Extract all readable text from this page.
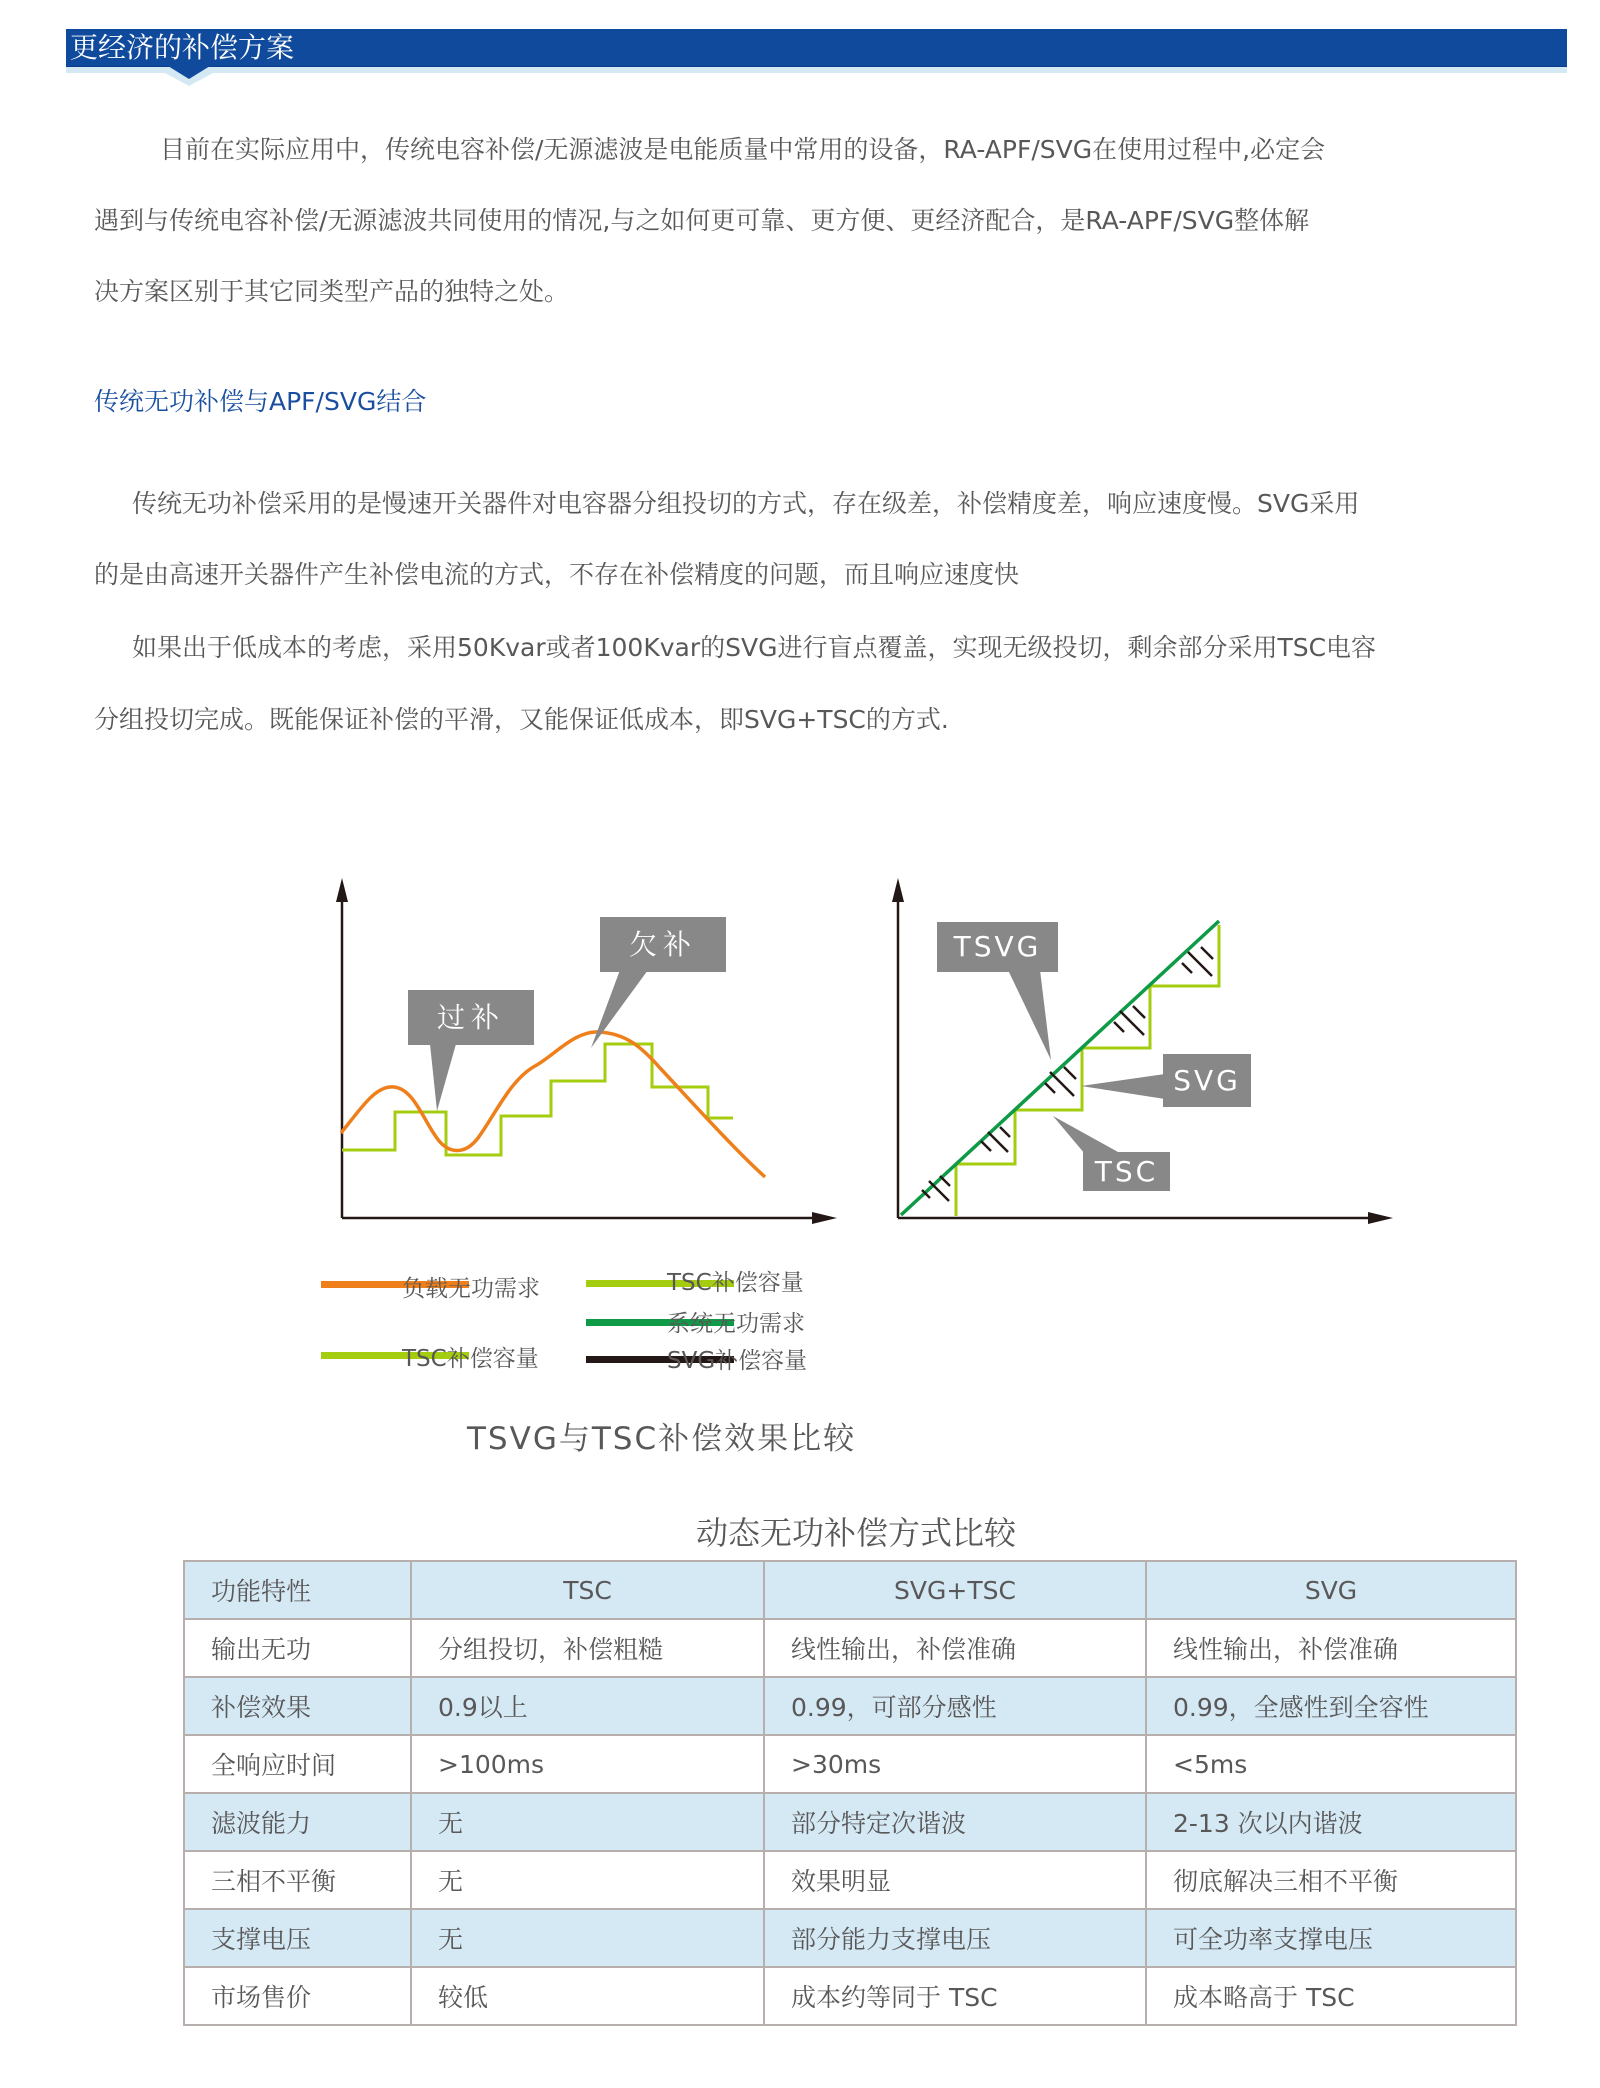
更经济的补偿方案
目前在实际应用中，传统电容补偿/无源滤波是电能质量中常用的设备，RA-APF/SVG在使用过程中,必定会
遇到与传统电容补偿/无源滤波共同使用的情况,与之如何更可靠、更方便、更经济配合，是RA-APF/SVG整体解
决方案区别于其它同类型产品的独特之处。
传统无功补偿与APF/SVG结合
传统无功补偿采用的是慢速开关器件对电容器分组投切的方式，存在级差，补偿精度差，响应速度慢。SVG采用
的是由高速开关器件产生补偿电流的方式，不存在补偿精度的问题，而且响应速度快
如果出于低成本的考虑，采用50Kvar或者100Kvar的SVG进行盲点覆盖，实现无级投切，剩余部分采用TSC电容
分组投切完成。既能保证补偿的平滑，又能保证低成本，即SVG+TSC的方式.
过补
欠补	TSVG
SVG
TSC
负载无功需求
TSC补偿容量
TSC补偿容量
系统无功需求
SVG补偿容量
TSVG与TSC补偿效果比较
动态无功补偿方式比较
功能特性	TSC	SVG+TSC	SVG
输出无功	分组投切，补偿粗糙	线性输出，补偿准确	线性输出，补偿准确
补偿效果	0.9以上	0.99，可部分感性	0.99，全感性到全容性
全响应时间	>100ms	>30ms	<5ms
滤波能力	无	部分特定次谐波	2-13 次以内谐波
三相不平衡	无	效果明显	彻底解决三相不平衡
支撑电压	无	部分能力支撑电压	可全功率支撑电压
市场售价	较低	成本约等同于 TSC	成本略高于 TSC
